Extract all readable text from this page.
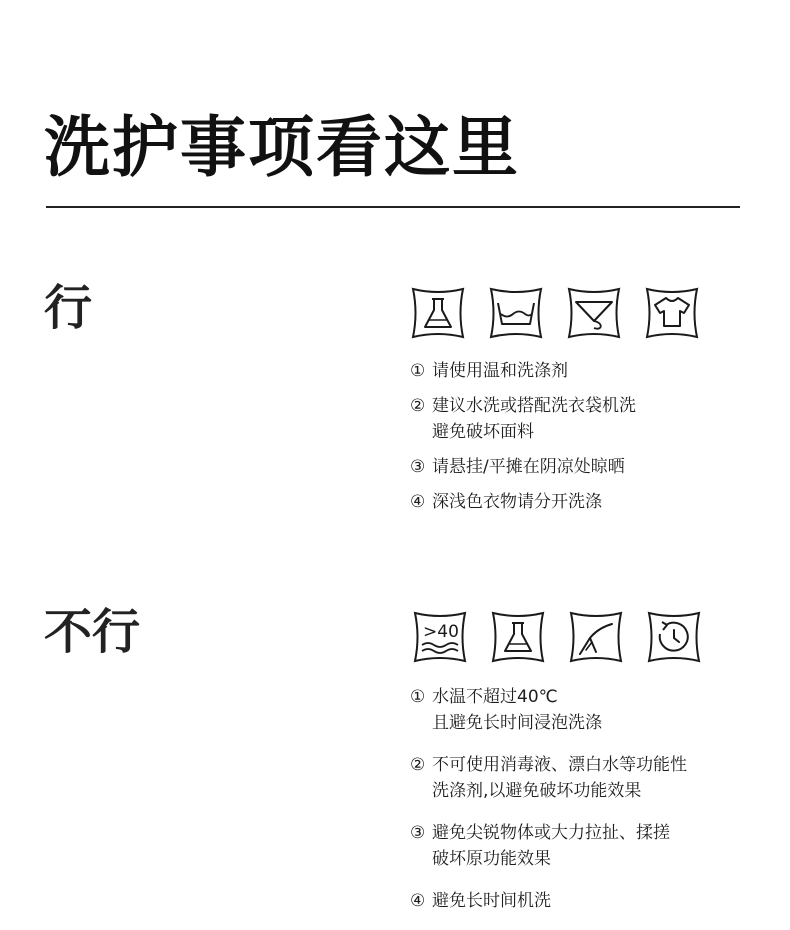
洗护事项看这里
行
① 请使用温和洗涤剂
② 建议水洗或搭配洗衣袋机洗
避免破坏面料
③ 请悬挂/平摊在阴凉处晾晒
④ 深浅色衣物请分开洗涤
不行	>40
① 水温不超过40℃
且避免长时间浸泡洗涤
② 不可使用消毒液、漂白水等功能性
洗涤剂,以避免破坏功能效果
③ 避免尖锐物体或大力拉扯、揉搓
破坏原功能效果
④ 避免长时间机洗
